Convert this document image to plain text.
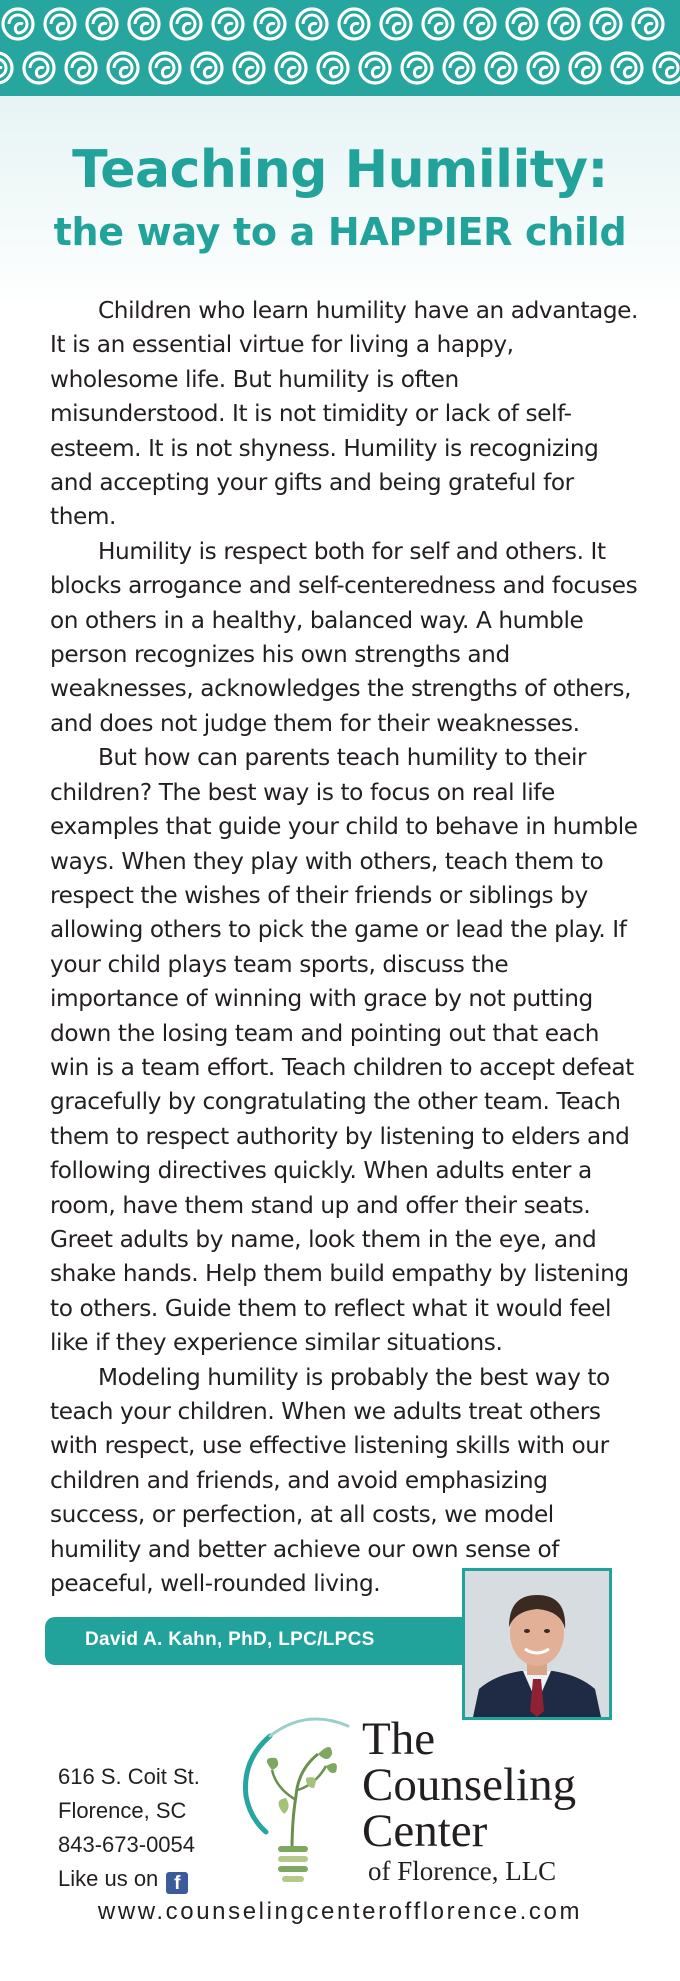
Teaching Humility:
the way to a HAPPIER child

Children who learn humility have an advantage. It is an essential virtue for living a happy, wholesome life. But humility is often misunderstood. It is not timidity or lack of self-esteem. It is not shyness. Humility is recognizing and accepting your gifts and being grateful for them.

Humility is respect both for self and others. It blocks arrogance and self-centeredness and focuses on others in a healthy, balanced way. A humble person recognizes his own strengths and weaknesses, acknowledges the strengths of others, and does not judge them for their weaknesses.

But how can parents teach humility to their children? The best way is to focus on real life examples that guide your child to behave in humble ways. When they play with others, teach them to respect the wishes of their friends or siblings by allowing others to pick the game or lead the play. If your child plays team sports, discuss the importance of winning with grace by not putting down the losing team and pointing out that each win is a team effort. Teach children to accept defeat gracefully by congratulating the other team. Teach them to respect authority by listening to elders and following directives quickly. When adults enter a room, have them stand up and offer their seats. Greet adults by name, look them in the eye, and shake hands. Help them build empathy by listening to others. Guide them to reflect what it would feel like if they experience similar situations.

Modeling humility is probably the best way to teach your children. When we adults treat others with respect, use effective listening skills with our children and friends, and avoid emphasizing success, or perfection, at all costs, we model humility and better achieve our own sense of peaceful, well-rounded living.

David A. Kahn, PhD, LPC/LPCS
The
Counseling
Center
of Florence, LLC
616 S. Coit St.
Florence, SC
843-673-0054
Like us on f
www.counselingcenterofflorence.com
